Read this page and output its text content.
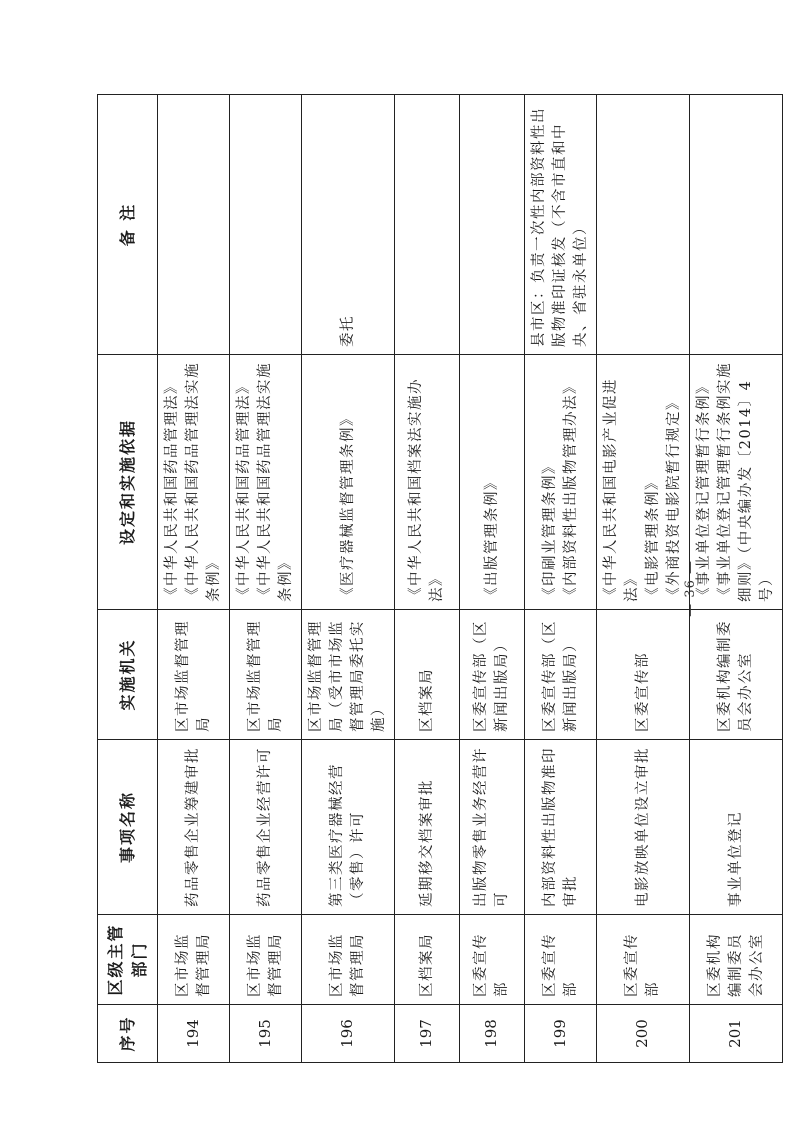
序号	区级主管部门	事项名称	实施机关	设定和实施依据	备 注
194	区市场监督管理局	药品零售企业筹建审批	区市场监督管理局	《中华人民共和国药品管理法》 《中华人民共和国药品管理法实施条例》	

195	区市场监督管理局	药品零售企业经营许可	区市场监督管理局	《中华人民共和国药品管理法》 《中华人民共和国药品管理法实施条例》	

196	区市场监督管理局	第三类医疗器械经营（零售）许可	区市场监督管理局（受市市场监督管理局委托实施）	《医疗器械监督管理条例》	委托
197	区档案局	延期移交档案审批	区档案局	《中华人民共和国档案法实施办法》	

198	区委宣传部	出版物零售业务经营许可	区委宣传部（区新闻出版局）	《出版管理条例》	

199	区委宣传部	内部资料性出版物准印审批	区委宣传部（区新闻出版局）	《印刷业管理条例》 《内部资料性出版物管理办法》	县市区：负责一次性内部资料性出版物准印证核发（不含市直和中央、省驻永单位）
200	区委宣传部	电影放映单位设立审批	区委宣传部	《中华人民共和国电影产业促进法》 《电影管理条例》 《外商投资电影院暂行规定》	

201	区委机构编制委员会办公室	事业单位登记	区委机构编制委员会办公室	《事业单位登记管理暂行条例》 《事业单位登记管理暂行条例实施细则》（中央编办发〔2014〕4号）	

— 36 —
